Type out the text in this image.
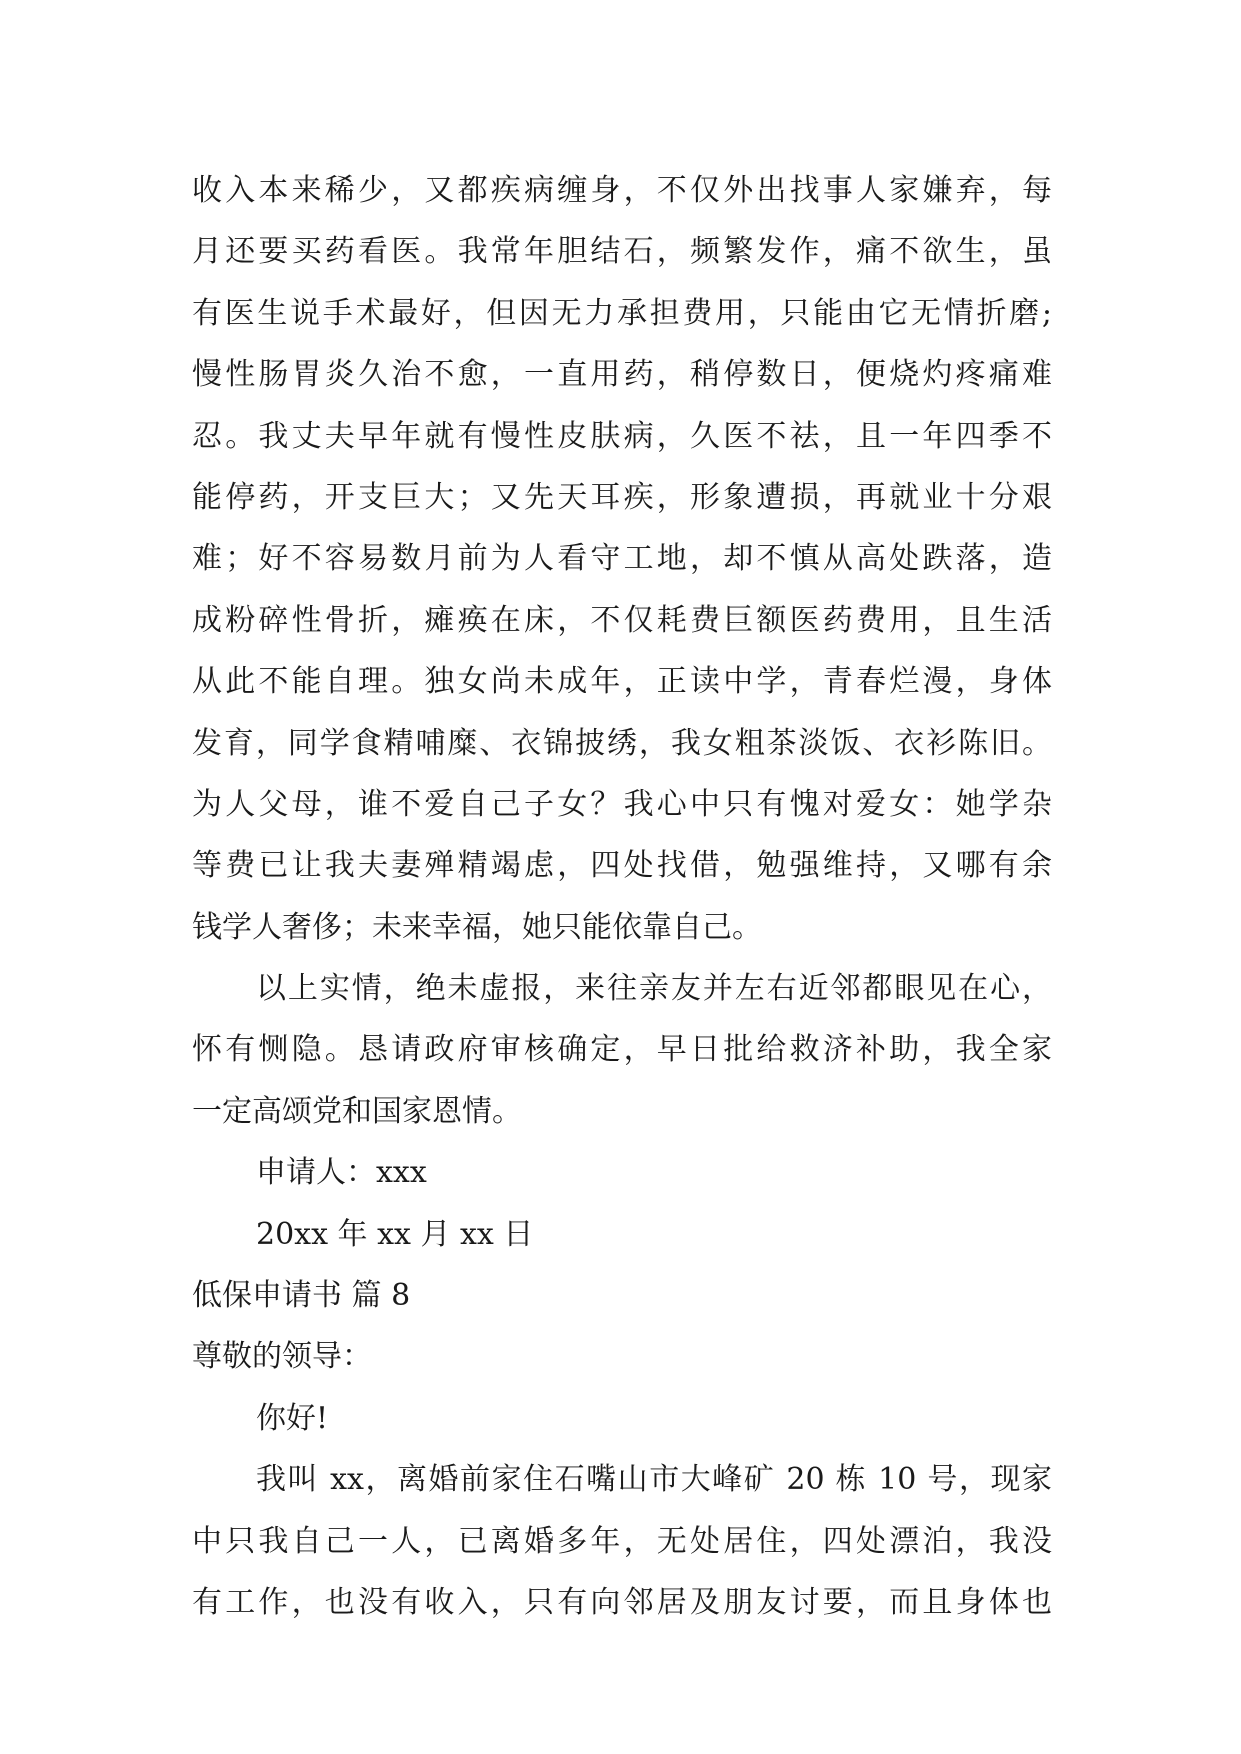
收入本来稀少，又都疾病缠身，不仅外出找事人家嫌弃，每
月还要买药看医。我常年胆结石，频繁发作，痛不欲生，虽
有医生说手术最好，但因无力承担费用，只能由它无情折磨;
慢性肠胃炎久治不愈，一直用药，稍停数日，便烧灼疼痛难
忍。我丈夫早年就有慢性皮肤病，久医不祛，且一年四季不
能停药，开支巨大；又先天耳疾，形象遭损，再就业十分艰
难；好不容易数月前为人看守工地，却不慎从高处跌落，造
成粉碎性骨折，瘫痪在床，不仅耗费巨额医药费用，且生活
从此不能自理。独女尚未成年，正读中学，青春烂漫，身体
发育，同学食精哺糜、衣锦披绣，我女粗茶淡饭、衣衫陈旧。
为人父母，谁不爱自己子女？我心中只有愧对爱女：她学杂
等费已让我夫妻殚精竭虑，四处找借，勉强维持，又哪有余
钱学人奢侈；未来幸福，她只能依靠自己。
以上实情，绝未虚报，来往亲友并左右近邻都眼见在心，
怀有恻隐。恳请政府审核确定，早日批给救济补助，我全家
一定高颂党和国家恩情。
申请人：xxx
20xx 年 xx 月 xx 日
低保申请书 篇 8
尊敬的领导：
你好!
我叫 xx，离婚前家住石嘴山市大峰矿 20 栋 10 号，现家
中只我自己一人，已离婚多年，无处居住，四处漂泊，我没
有工作，也没有收入，只有向邻居及朋友讨要，而且身体也
